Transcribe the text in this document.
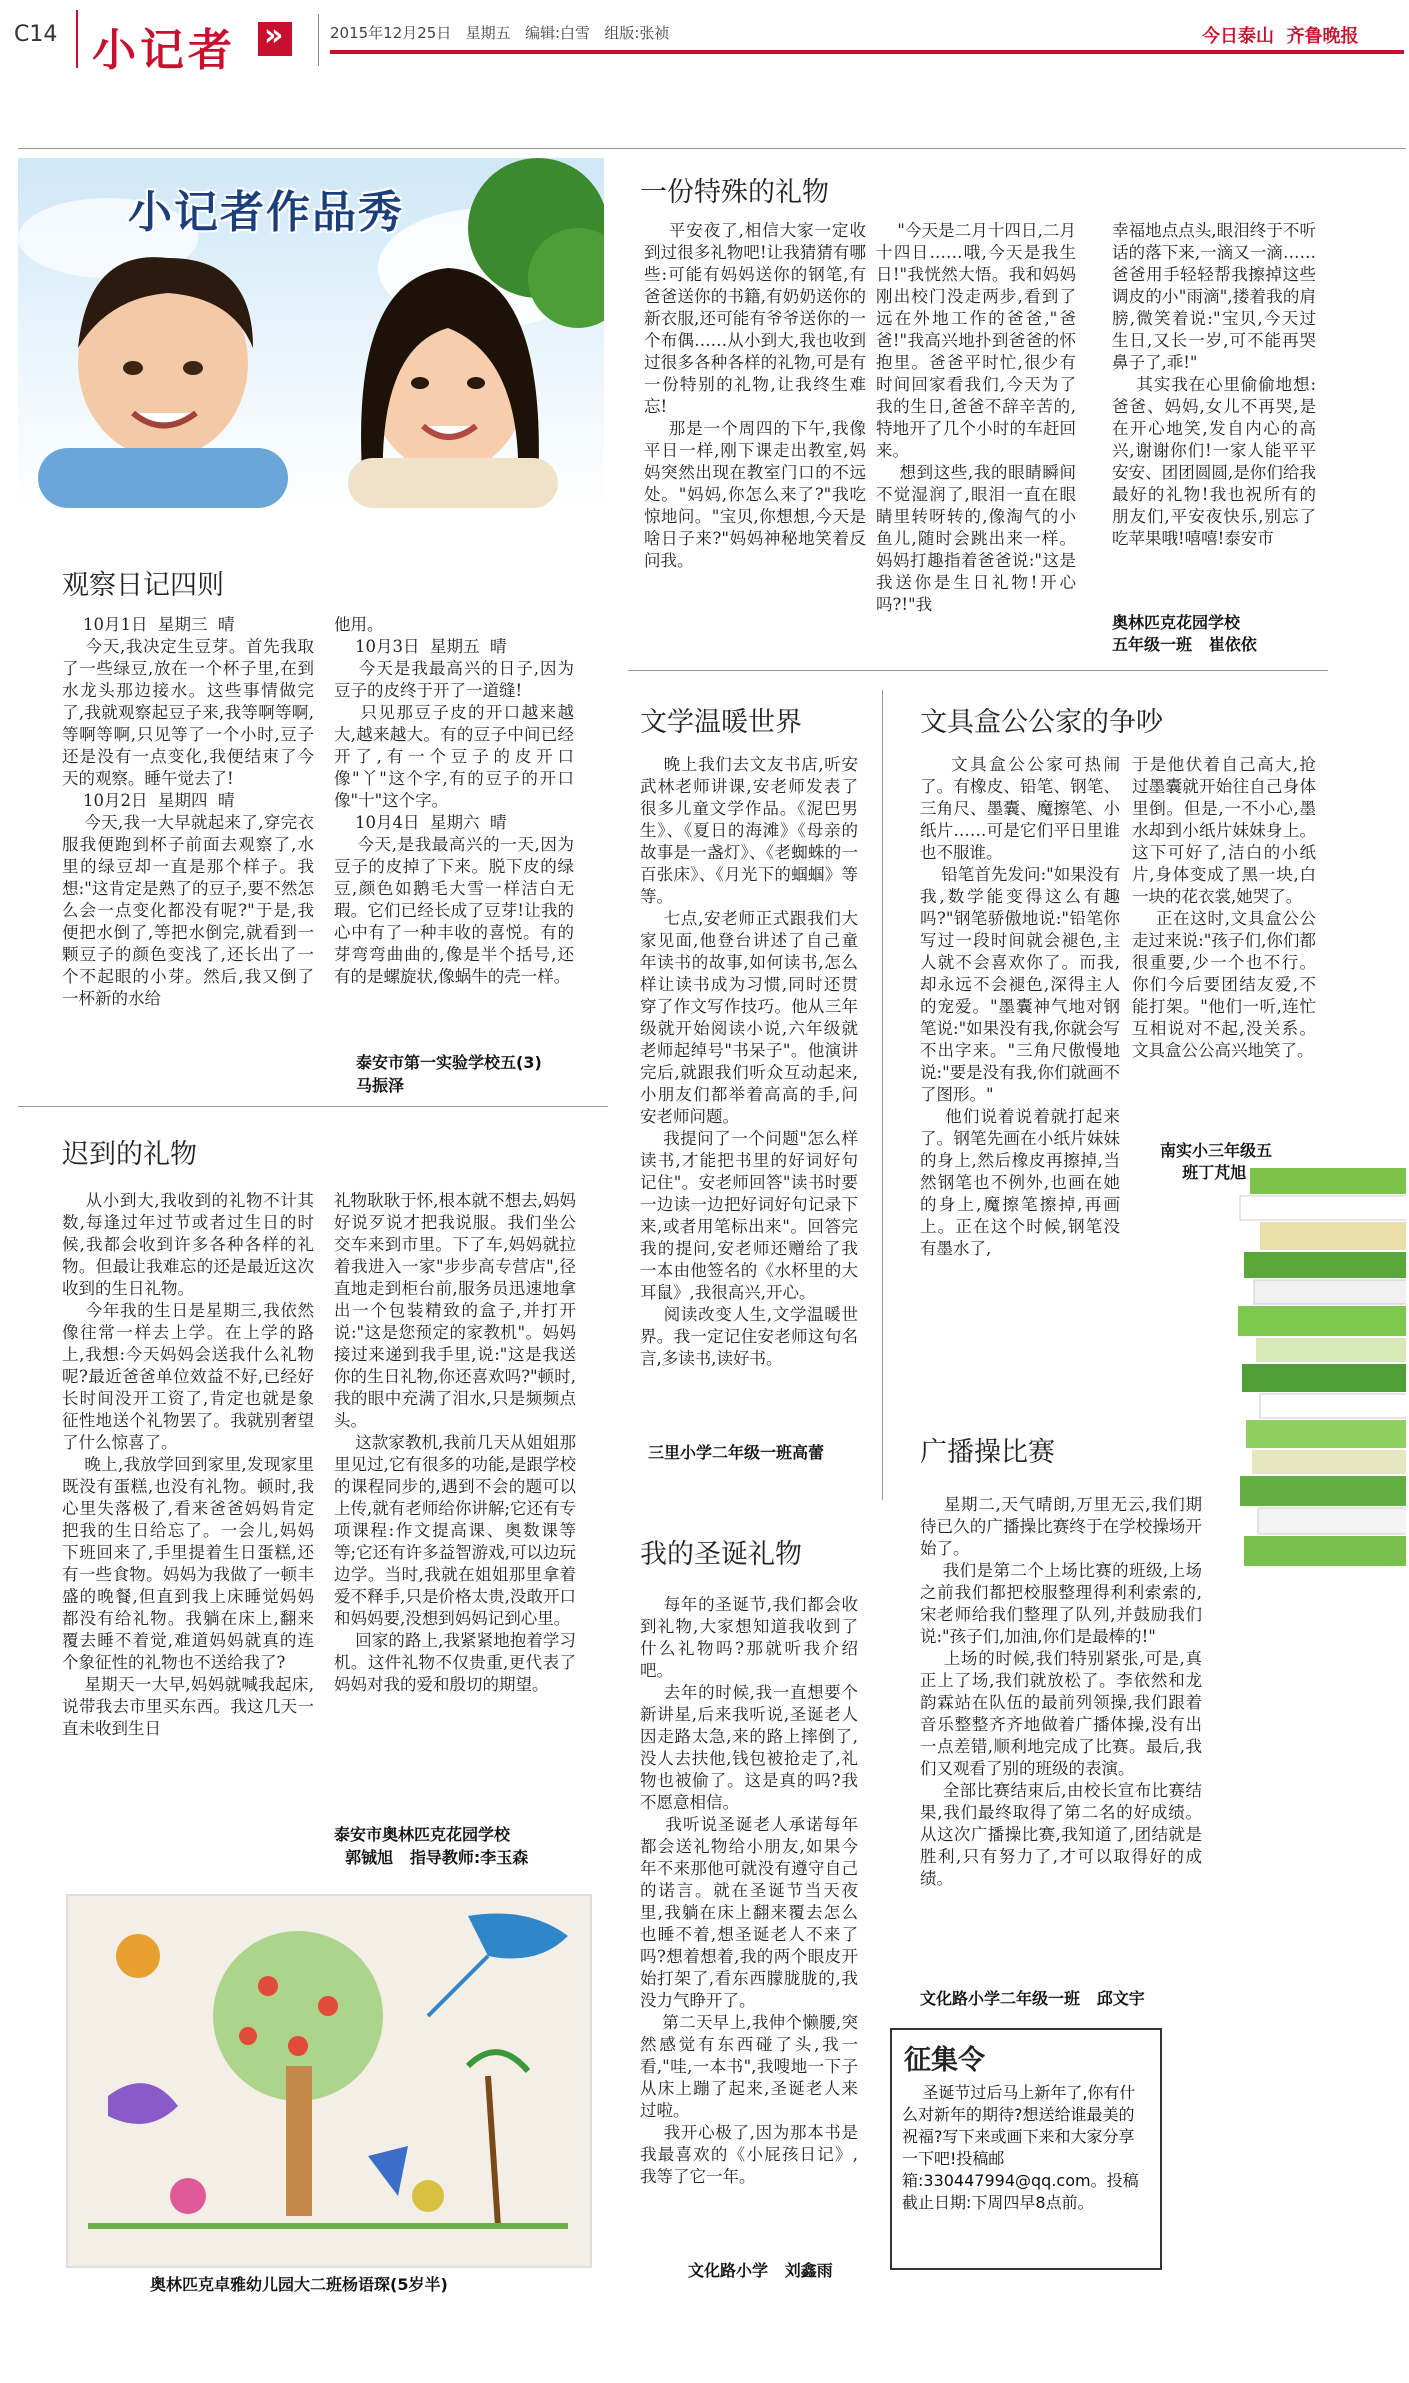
C14 小记者
»	2015年12月25日   星期五   编辑:白雪   组版:张祯	今日泰山  齐鲁晚报
小记者作品秀
观察日记四则
10月1日  星期三  晴
今天,我决定生豆芽。首先我取了一些绿豆,放在一个杯子里,在到水龙头那边接水。这些事情做完了,我就观察起豆子来,我等啊等啊,等啊等啊,只见等了一个小时,豆子还是没有一点变化,我便结束了今天的观察。睡午觉去了!
10月2日  星期四  晴
今天,我一大早就起来了,穿完衣服我便跑到杯子前面去观察了,水里的绿豆却一直是那个样子。我想:"这肯定是熟了的豆子,要不然怎么会一点变化都没有呢?"于是,我便把水倒了,等把水倒完,就看到一颗豆子的颜色变浅了,还长出了一个不起眼的小芽。然后,我又倒了一杯新的水给
他用。
10月3日  星期五  晴
今天是我最高兴的日子,因为豆子的皮终于开了一道缝!
只见那豆子皮的开口越来越大,越来越大。有的豆子中间已经开了,有一个豆子的皮开口像"丫"这个字,有的豆子的开口像"十"这个字。
10月4日  星期六  晴
今天,是我最高兴的一天,因为豆子的皮掉了下来。脱下皮的绿豆,颜色如鹅毛大雪一样洁白无瑕。它们已经长成了豆芽!让我的心中有了一种丰收的喜悦。有的芽弯弯曲曲的,像是半个括号,还有的是螺旋状,像蜗牛的壳一样。
泰安市第一实验学校五(3)
马振泽
迟到的礼物
从小到大,我收到的礼物不计其数,每逢过年过节或者过生日的时候,我都会收到许多各种各样的礼物。但最让我难忘的还是最近这次收到的生日礼物。
今年我的生日是星期三,我依然像往常一样去上学。在上学的路上,我想:今天妈妈会送我什么礼物呢?最近爸爸单位效益不好,已经好长时间没开工资了,肯定也就是象征性地送个礼物罢了。我就别奢望了什么惊喜了。
晚上,我放学回到家里,发现家里既没有蛋糕,也没有礼物。顿时,我心里失落极了,看来爸爸妈妈肯定把我的生日给忘了。一会儿,妈妈下班回来了,手里提着生日蛋糕,还有一些食物。妈妈为我做了一顿丰盛的晚餐,但直到我上床睡觉妈妈都没有给礼物。我躺在床上,翻来覆去睡不着觉,难道妈妈就真的连个象征性的礼物也不送给我了?
星期天一大早,妈妈就喊我起床,说带我去市里买东西。我这几天一直未收到生日
礼物耿耿于怀,根本就不想去,妈妈好说歹说才把我说服。我们坐公交车来到市里。下了车,妈妈就拉着我进入一家"步步高专营店",径直地走到柜台前,服务员迅速地拿出一个包装精致的盒子,并打开说:"这是您预定的家教机"。妈妈接过来递到我手里,说:"这是我送你的生日礼物,你还喜欢吗?"顿时,我的眼中充满了泪水,只是频频点头。
这款家教机,我前几天从姐姐那里见过,它有很多的功能,是跟学校的课程同步的,遇到不会的题可以上传,就有老师给你讲解;它还有专项课程:作文提高课、奥数课等等;它还有许多益智游戏,可以边玩边学。当时,我就在姐姐那里拿着爱不释手,只是价格太贵,没敢开口和妈妈要,没想到妈妈记到心里。
回家的路上,我紧紧地抱着学习机。这件礼物不仅贵重,更代表了妈妈对我的爱和殷切的期望。
泰安市奥林匹克花园学校
郭铖旭   指导教师:李玉森
奥林匹克卓雅幼儿园大二班杨语琛(5岁半)
一份特殊的礼物
平安夜了,相信大家一定收到过很多礼物吧!让我猜猜有哪些:可能有妈妈送你的钢笔,有爸爸送你的书籍,有奶奶送你的新衣服,还可能有爷爷送你的一个布偶……从小到大,我也收到过很多各种各样的礼物,可是有一份特别的礼物,让我终生难忘!
那是一个周四的下午,我像平日一样,刚下课走出教室,妈妈突然出现在教室门口的不远处。"妈妈,你怎么来了?"我吃惊地问。"宝贝,你想想,今天是啥日子来?"妈妈神秘地笑着反问我。
"今天是二月十四日,二月十四日……哦,今天是我生日!"我恍然大悟。我和妈妈刚出校门没走两步,看到了远在外地工作的爸爸,"爸爸!"我高兴地扑到爸爸的怀抱里。爸爸平时忙,很少有时间回家看我们,今天为了我的生日,爸爸不辞辛苦的,特地开了几个小时的车赶回来。
想到这些,我的眼睛瞬间不觉湿润了,眼泪一直在眼睛里转呀转的,像淘气的小鱼儿,随时会跳出来一样。妈妈打趣指着爸爸说:"这是我送你是生日礼物!开心吗?!"我
幸福地点点头,眼泪终于不听话的落下来,一滴又一滴……爸爸用手轻轻帮我擦掉这些调皮的小"雨滴",搂着我的肩膀,微笑着说:"宝贝,今天过生日,又长一岁,可不能再哭鼻子了,乖!"
其实我在心里偷偷地想:爸爸、妈妈,女儿不再哭,是在开心地笑,发自内心的高兴,谢谢你们!一家人能平平安安、团团圆圆,是你们给我最好的礼物!我也祝所有的朋友们,平安夜快乐,别忘了吃苹果哦!嘻嘻!泰安市
奥林匹克花园学校
五年级一班   崔依依
文学温暖世界
晚上我们去文友书店,听安武林老师讲课,安老师发表了很多儿童文学作品。《泥巴男生》、《夏日的海滩》《母亲的故事是一盏灯》、《老蜘蛛的一百张床》、《月光下的蝈蝈》等等。
七点,安老师正式跟我们大家见面,他登台讲述了自己童年读书的故事,如何读书,怎么样让读书成为习惯,同时还贯穿了作文写作技巧。他从三年级就开始阅读小说,六年级就老师起绰号"书呆子"。他演讲完后,就跟我们听众互动起来,小朋友们都举着高高的手,问安老师问题。
我提问了一个问题"怎么样读书,才能把书里的好词好句记住"。安老师回答"读书时要一边读一边把好词好句记录下来,或者用笔标出来"。回答完我的提问,安老师还赠给了我一本由他签名的《水杯里的大耳鼠》,我很高兴,开心。
阅读改变人生,文学温暖世界。我一定记住安老师这句名言,多读书,读好书。
三里小学二年级一班高蕾
文具盒公公家的争吵
文具盒公公家可热闹了。有橡皮、铅笔、钢笔、三角尺、墨囊、魔擦笔、小纸片……可是它们平日里谁也不服谁。
铅笔首先发问:"如果没有我,数学能变得这么有趣吗?"钢笔骄傲地说:"铅笔你写过一段时间就会褪色,主人就不会喜欢你了。而我,却永远不会褪色,深得主人的宠爱。"墨囊神气地对钢笔说:"如果没有我,你就会写不出字来。"三角尺傲慢地说:"要是没有我,你们就画不了图形。"
他们说着说着就打起来了。钢笔先画在小纸片妹妹的身上,然后橡皮再擦掉,当然钢笔也不例外,也画在她的身上,魔擦笔擦掉,再画上。正在这个时候,钢笔没有墨水了,
于是他伏着自己高大,抢过墨囊就开始往自己身体里倒。但是,一不小心,墨水却到小纸片妹妹身上。这下可好了,洁白的小纸片,身体变成了黑一块,白一块的花衣裳,她哭了。
正在这时,文具盒公公走过来说:"孩子们,你们都很重要,少一个也不行。你们今后要团结友爱,不能打架。"他们一听,连忙互相说对不起,没关系。文具盒公公高兴地笑了。
南实小三年级五
班丁芃旭
我的圣诞礼物
每年的圣诞节,我们都会收到礼物,大家想知道我收到了什么礼物吗?那就听我介绍吧。
去年的时候,我一直想要个新讲星,后来我听说,圣诞老人因走路太急,来的路上摔倒了,没人去扶他,钱包被抢走了,礼物也被偷了。这是真的吗?我不愿意相信。
我听说圣诞老人承诺每年都会送礼物给小朋友,如果今年不来那他可就没有遵守自己的诺言。就在圣诞节当天夜里,我躺在床上翻来覆去怎么也睡不着,想圣诞老人不来了吗?想着想着,我的两个眼皮开始打架了,看东西朦胧胧的,我没力气睁开了。
第二天早上,我伸个懒腰,突然感觉有东西碰了头,我一看,"哇,一本书",我嗖地一下子从床上蹦了起来,圣诞老人来过啦。
我开心极了,因为那本书是我最喜欢的《小屁孩日记》,我等了它一年。
文化路小学   刘鑫雨
广播操比赛
星期二,天气晴朗,万里无云,我们期待已久的广播操比赛终于在学校操场开始了。
我们是第二个上场比赛的班级,上场之前我们都把校服整理得利利索索的,宋老师给我们整理了队列,并鼓励我们说:"孩子们,加油,你们是最棒的!"
上场的时候,我们特别紧张,可是,真正上了场,我们就放松了。李依然和龙韵霖站在队伍的最前列领操,我们跟着音乐整整齐齐地做着广播体操,没有出一点差错,顺利地完成了比赛。最后,我们又观看了别的班级的表演。
全部比赛结束后,由校长宣布比赛结果,我们最终取得了第二名的好成绩。从这次广播操比赛,我知道了,团结就是胜利,只有努力了,才可以取得好的成绩。
文化路小学二年级一班   邱文宇
征集令
圣诞节过后马上新年了,你有什么对新年的期待?想送给谁最美的祝福?写下来或画下来和大家分享一下吧!投稿邮箱:330447994@qq.com。投稿截止日期:下周四早8点前。
